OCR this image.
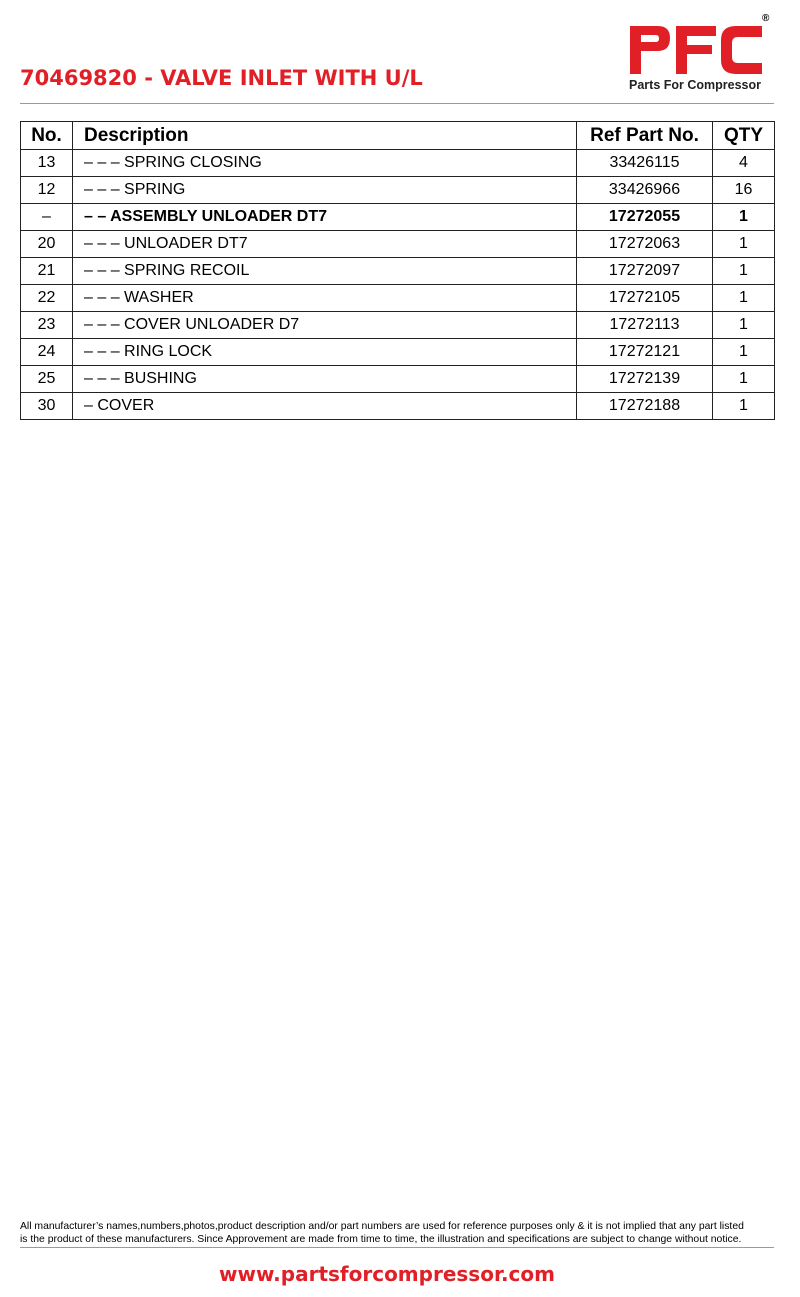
70469820 - VALVE INLET WITH U/L
®
Parts For Compressor
No.	Description	Ref Part No.	QTY
13	– – – SPRING CLOSING	33426115	4
12	– – – SPRING	33426966	16
–	– – ASSEMBLY UNLOADER DT7	17272055	1
20	– – – UNLOADER DT7	17272063	1
21	– – – SPRING RECOIL	17272097	1
22	– – – WASHER	17272105	1
23	– – – COVER UNLOADER D7	17272113	1
24	– – – RING LOCK	17272121	1
25	– – – BUSHING	17272139	1
30	– COVER	17272188	1
All manufacturer’s names,numbers,photos,product description and/or part numbers are used for reference purposes only & it is not implied that any part listed
is the product of these manufacturers. Since Approvement are made from time to time, the illustration and specifications are subject to change without notice.
www.partsforcompressor.com
